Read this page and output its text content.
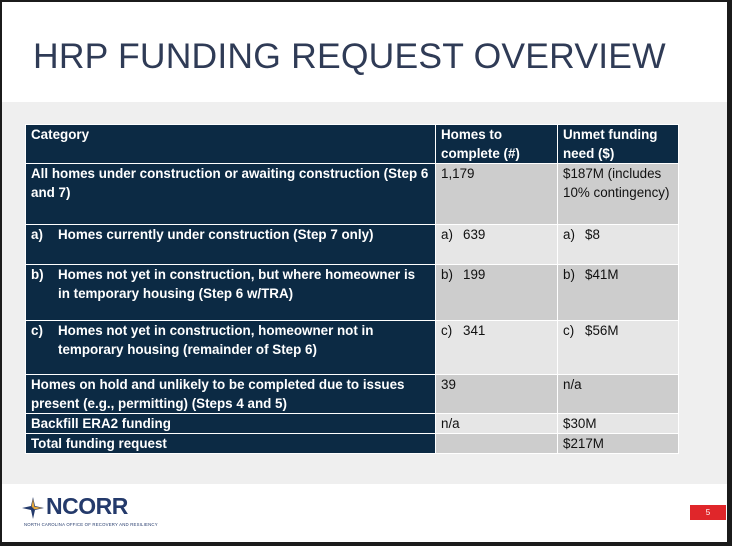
HRP FUNDING REQUEST OVERVIEW
Category	Homes to complete (#)	Unmet funding need ($)
All homes under construction or awaiting construction (Step 6 and 7)	1,179	$187M (includes 10% contingency)

a) Homes currently under construction (Step 7 only)	a) 639	a) $8

b) Homes not yet in construction, but where homeowner is in temporary housing (Step 6 w/TRA)	b) 199	b) $41M

c) Homes not yet in construction, homeowner not in temporary housing (remainder of Step 6)	c) 341	c) $56M
Homes on hold and unlikely to be completed due to issues present (e.g., permitting) (Steps 4 and 5)	39	n/a
Backfill ERA2 funding	n/a	$30M
Total funding request		$217M
NCORR
NORTH CAROLINA OFFICE OF RECOVERY AND RESILIENCY
5
